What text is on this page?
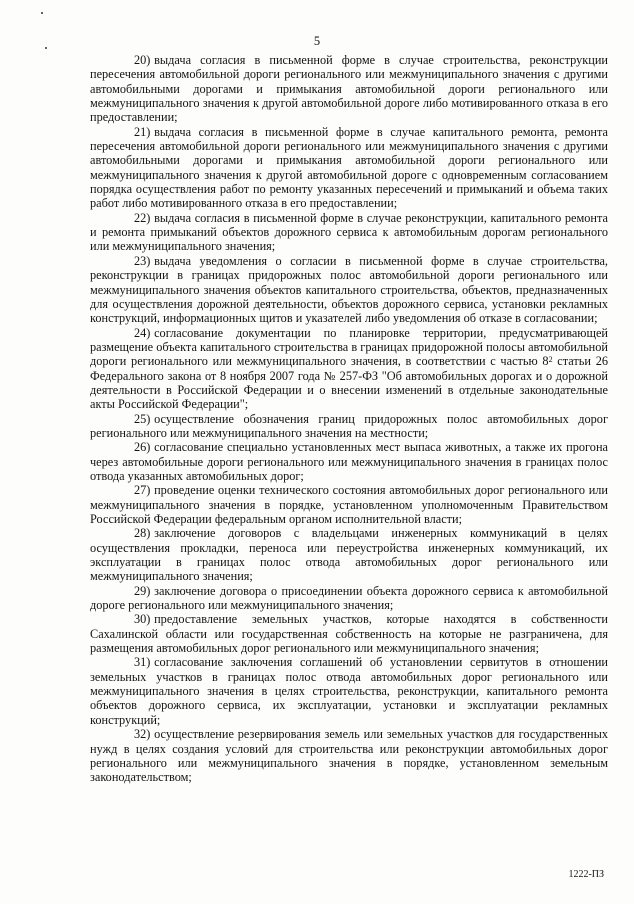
5

20) выдача согласия в письменной форме в случае строительства, реконструкции пересечения автомобильной дороги регионального или межмуниципального значения с другими автомобильными дорогами и примыкания автомобильной дороги регионального или межмуниципального значения к другой автомобильной дороге либо мотивированного отказа в его предоставлении;

21) выдача согласия в письменной форме в случае капитального ремонта, ремонта пересечения автомобильной дороги регионального или межмуниципального значения с другими автомобильными дорогами и примыкания автомобильной дороги регионального или межмуниципального значения к другой автомобильной дороге с одновременным согласованием порядка осуществления работ по ремонту указанных пересечений и примыканий и объема таких работ либо мотивированного отказа в его предоставлении;

22) выдача согласия в письменной форме в случае реконструкции, капитального ремонта и ремонта примыканий объектов дорожного сервиса к автомобильным дорогам регионального или межмуниципального значения;

23) выдача уведомления о согласии в письменной форме в случае строительства, реконструкции в границах придорожных полос автомобильной дороги регионального или межмуниципального значения объектов капитального строительства, объектов, предназначенных для осуществления дорожной деятельности, объектов дорожного сервиса, установки рекламных конструкций, информационных щитов и указателей либо уведомления об отказе в согласовании;

24) согласование документации по планировке территории, предусматривающей размещение объекта капитального строительства в границах придорожной полосы автомобильной дороги регионального или межмуниципального значения, в соответствии с частью $8^2$ статьи 26 Федерального закона от 8 ноября 2007 года № 257-ФЗ "Об автомобильных дорогах и о дорожной деятельности в Российской Федерации и о внесении изменений в отдельные законодательные акты Российской Федерации";

25) осуществление обозначения границ придорожных полос автомобильных дорог регионального или межмуниципального значения на местности;

26) согласование специально установленных мест выпаса животных, а также их прогона через автомобильные дороги регионального или межмуниципального значения в границах полос отвода указанных автомобильных дорог;

27) проведение оценки технического состояния автомобильных дорог регионального или межмуниципального значения в порядке, установленном уполномоченным Правительством Российской Федерации федеральным органом исполнительной власти;

28) заключение договоров с владельцами инженерных коммуникаций в целях осуществления прокладки, переноса или переустройства инженерных коммуникаций, их эксплуатации в границах полос отвода автомобильных дорог регионального или межмуниципального значения;

29) заключение договора о присоединении объекта дорожного сервиса к автомобильной дороге регионального или межмуниципального значения;

30) предоставление земельных участков, которые находятся в собственности Сахалинской области или государственная собственность на которые не разграничена, для размещения автомобильных дорог регионального или межмуниципального значения;

31) согласование заключения соглашений об установлении сервитутов в отношении земельных участков в границах полос отвода автомобильных дорог регионального или межмуниципального значения в целях строительства, реконструкции, капитального ремонта объектов дорожного сервиса, их эксплуатации, установки и эксплуатации рекламных конструкций;

32) осуществление резервирования земель или земельных участков для государственных нужд в целях создания условий для строительства или реконструкции автомобильных дорог регионального или межмуниципального значения в порядке, установленном земельным законодательством;

1222-ПЗ
